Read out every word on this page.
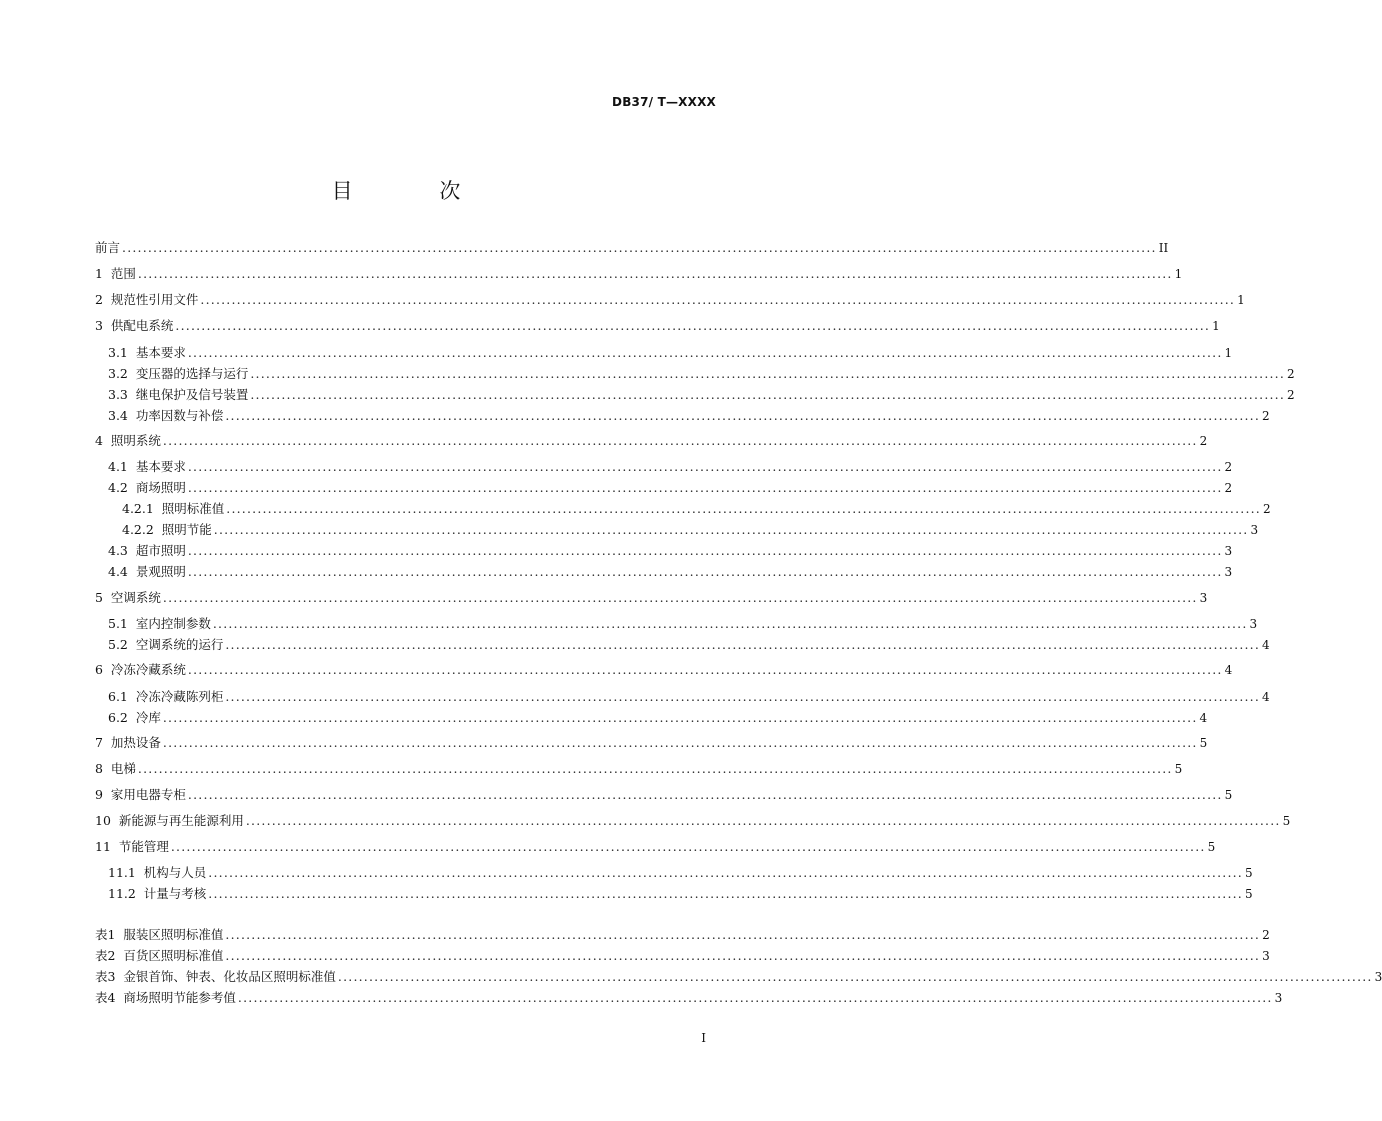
DB37/ T—XXXX
目 次
前言 ........................................................................................................................................................................................................ II
1 范围 ........................................................................................................................................................................................................ 1
2 规范性引用文件 ........................................................................................................................................................................................................ 1
3 供配电系统 ........................................................................................................................................................................................................ 1
3.1 基本要求 ........................................................................................................................................................................................................ 1
3.2 变压器的选择与运行 ........................................................................................................................................................................................................ 2
3.3 继电保护及信号装置 ........................................................................................................................................................................................................ 2
3.4 功率因数与补偿 ........................................................................................................................................................................................................ 2
4 照明系统 ........................................................................................................................................................................................................ 2
4.1 基本要求 ........................................................................................................................................................................................................ 2
4.2 商场照明 ........................................................................................................................................................................................................ 2
4.2.1 照明标准值 ........................................................................................................................................................................................................ 2
4.2.2 照明节能 ........................................................................................................................................................................................................ 3
4.3 超市照明 ........................................................................................................................................................................................................ 3
4.4 景观照明 ........................................................................................................................................................................................................ 3
5 空调系统 ........................................................................................................................................................................................................ 3
5.1 室内控制参数 ........................................................................................................................................................................................................ 3
5.2 空调系统的运行 ........................................................................................................................................................................................................ 4
6 冷冻冷藏系统 ........................................................................................................................................................................................................ 4
6.1 冷冻冷藏陈列柜 ........................................................................................................................................................................................................ 4
6.2 冷库 ........................................................................................................................................................................................................ 4
7 加热设备 ........................................................................................................................................................................................................ 5
8 电梯 ........................................................................................................................................................................................................ 5
9 家用电器专柜 ........................................................................................................................................................................................................ 5
10 新能源与再生能源利用 ........................................................................................................................................................................................................ 5
11 节能管理 ........................................................................................................................................................................................................ 5
11.1 机构与人员 ........................................................................................................................................................................................................ 5
11.2 计量与考核 ........................................................................................................................................................................................................ 5
表1 服装区照明标准值 ........................................................................................................................................................................................................ 2
表2 百货区照明标准值 ........................................................................................................................................................................................................ 3
表3 金银首饰、钟表、化妆品区照明标准值 ........................................................................................................................................................................................................ 3
表4 商场照明节能参考值 ........................................................................................................................................................................................................ 3
I
